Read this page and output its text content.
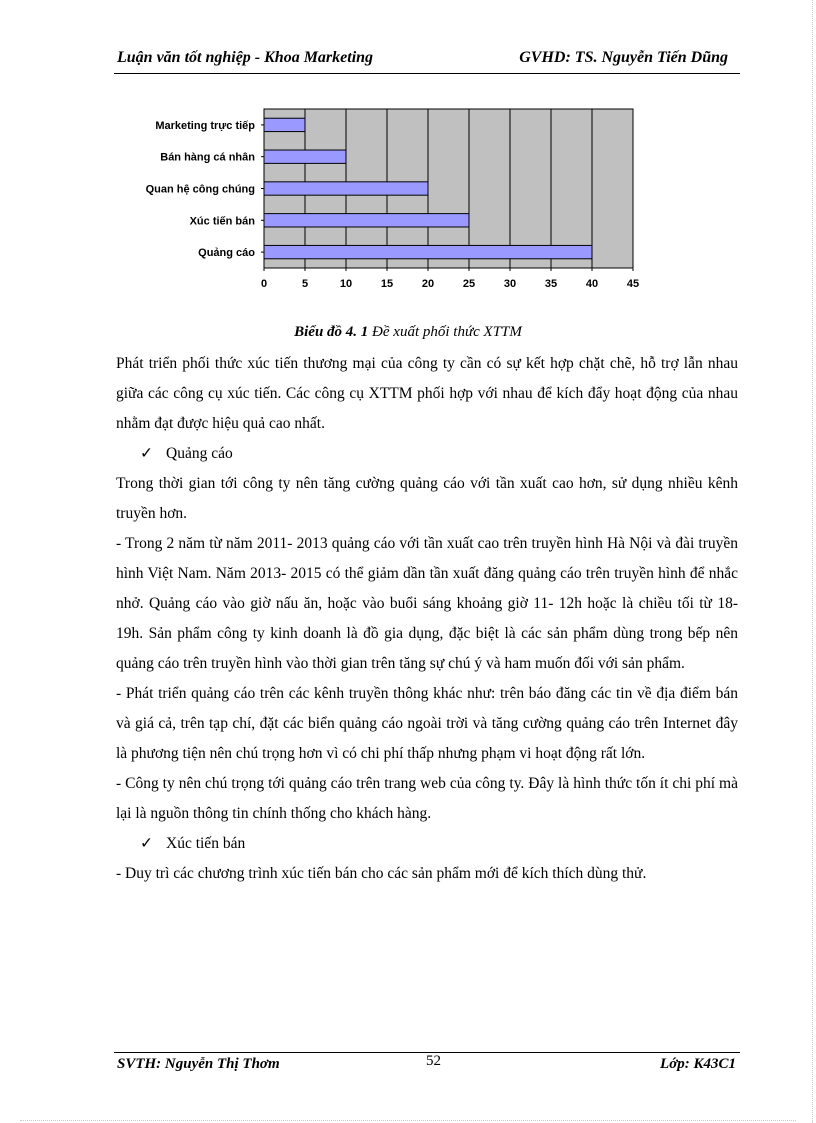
Luận văn tốt nghiệp - Khoa Marketing	GVHD: TS. Nguyễn Tiến Dũng
0	5	10	15	20	25	30	35	40	45
Marketing trực tiếp
Bán hàng cá nhân
Quan hệ công chúng
Xúc tiến bán
Quảng cáo
Biểu đồ 4. 1 Đề xuất phối thức XTTM

Phát triển phối thức xúc tiến thương mại của công ty cần có sự kết hợp chặt chẽ, hỗ trợ lẫn nhau giữa các công cụ xúc tiến. Các công cụ XTTM phối hợp với nhau để kích đẩy hoạt động của nhau nhằm đạt được hiệu quả cao nhất.

✓ Quảng cáo

Trong thời gian tới công ty nên tăng cường quảng cáo với tần xuất cao hơn, sử dụng nhiều kênh truyền hơn.

- Trong 2 năm từ năm 2011- 2013 quảng cáo với tần xuất cao trên truyền hình Hà Nội và đài truyền hình Việt Nam. Năm 2013- 2015 có thể giảm dần tần xuất đăng quảng cáo trên truyền hình để nhắc nhở. Quảng cáo vào giờ nấu ăn, hoặc vào buổi sáng khoảng giờ 11- 12h hoặc là chiều tối từ 18- 19h. Sản phẩm công ty kinh doanh là đồ gia dụng, đặc biệt là các sản phẩm dùng trong bếp nên quảng cáo trên truyền hình vào thời gian trên tăng sự chú ý và ham muốn đối với sản phẩm.

- Phát triển quảng cáo trên các kênh truyền thông khác như: trên báo đăng các tin về địa điểm bán và giá cả, trên tạp chí, đặt các biển quảng cáo ngoài trời và tăng cường quảng cáo trên Internet đây là phương tiện nên chú trọng hơn vì có chi phí thấp nhưng phạm vi hoạt động rất lớn.

- Công ty nên chú trọng tới quảng cáo trên trang web của công ty. Đây là hình thức tốn ít chi phí mà lại là nguồn thông tin chính thống cho khách hàng.

✓ Xúc tiến bán

- Duy trì các chương trình xúc tiến bán cho các sản phẩm mới để kích thích dùng thử.

SVTH: Nguyễn Thị Thơm	52	Lớp: K43C1
